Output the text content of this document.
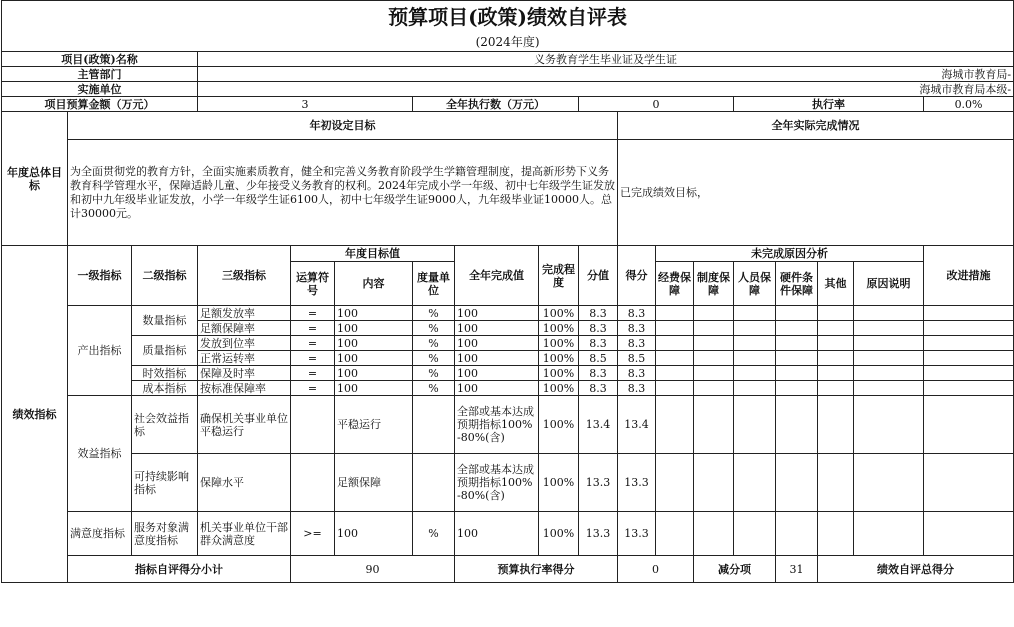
预算项目(政策)绩效自评表																		
(2024年度)																		
项目(政策)名称			义务教育学生毕业证及学生证															
主管部门			海城市教育局-															
实施单位			海城市教育局本级-															
项目预算金额（万元）			3			全年执行数（万元）			0				执行率				0.0%	
年度总体目标	年初设定目标									全年实际完成情况								
	为全面贯彻党的教育方针，全面实施素质教育，健全和完善义务教育阶段学生学籍管理制度，提高新形势下义务教育科学管理水平，保障适龄儿童、少年接受义务教育的权利。2024年完成小学一年级、初中七年级学生证发放和初中九年级毕业证发放，小学一年级学生证6100人，初中七年级学生证9000人，九年级毕业证10000人。总计30000元。									已完成绩效目标，								
绩效指标	一级指标	二级指标	三级指标	年度目标值			全年完成值	完成程度	分值	得分	未完成原因分析						改进措施	
				运算符号	内容	度量单位					经费保障	制度保障	人员保障	硬件条件保障	其他	原因说明		
	产出指标	数量指标	足额发放率	=	100	%	100	100%	8.3	8.3								
			足额保障率	=	100	%	100	100%	8.3	8.3								
		质量指标	发放到位率	=	100	%	100	100%	8.3	8.3								
			正常运转率	=	100	%	100	100%	8.5	8.5								
		时效指标	保障及时率	=	100	%	100	100%	8.3	8.3								
		成本指标	按标准保障率	=	100	%	100	100%	8.3	8.3								
	效益指标	社会效益指标	确保机关事业单位平稳运行		平稳运行		全部或基本达成预期指标100%-80%(含)	100%	13.4	13.4								
		可持续影响指标	保障水平		足额保障		全部或基本达成预期指标100%-80%(含)	100%	13.3	13.3								
	满意度指标	服务对象满意度指标	机关事业单位干部群众满意度	>=	100	%	100	100%	13.3	13.3								
	指标自评得分小计			90			预算执行率得分			0		减分项		31	绩效自评总得分	
